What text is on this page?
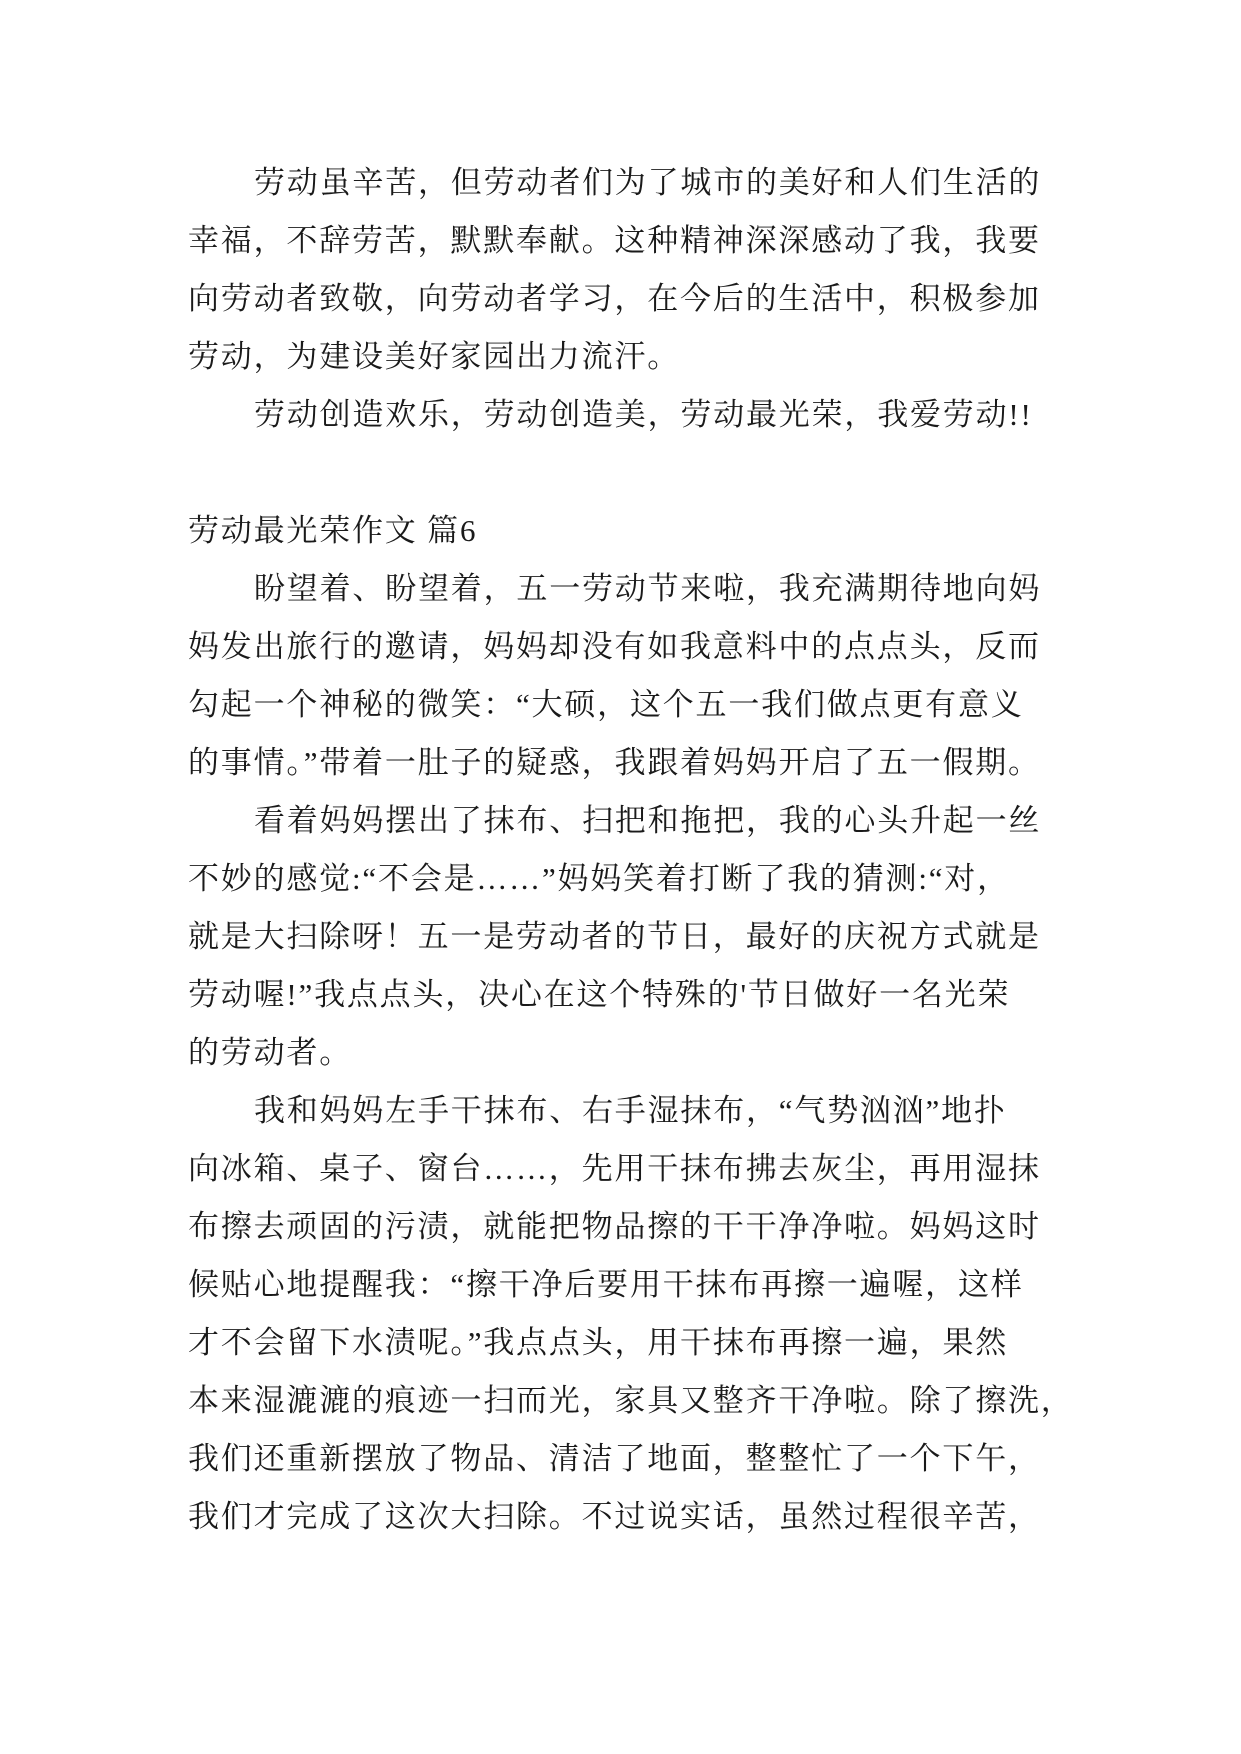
劳动虽辛苦，但劳动者们为了城市的美好和人们生活的
幸福，不辞劳苦，默默奉献。这种精神深深感动了我，我要
向劳动者致敬，向劳动者学习，在今后的生活中，积极参加
劳动，为建设美好家园出力流汗。

劳动创造欢乐，劳动创造美，劳动最光荣，我爱劳动!!

劳动最光荣作文 篇6

盼望着、盼望着，五一劳动节来啦，我充满期待地向妈
妈发出旅行的邀请，妈妈却没有如我意料中的点点头，反而
勾起一个神秘的微笑：“大硕，这个五一我们做点更有意义
的事情。”带着一肚子的疑惑，我跟着妈妈开启了五一假期。

看着妈妈摆出了抹布、扫把和拖把，我的心头升起一丝
不妙的感觉:“不会是……”妈妈笑着打断了我的猜测:“对，
就是大扫除呀！五一是劳动者的节日，最好的庆祝方式就是
劳动喔!”我点点头，决心在这个特殊的'节日做好一名光荣
的劳动者。

我和妈妈左手干抹布、右手湿抹布，“气势汹汹”地扑
向冰箱、桌子、窗台……，先用干抹布拂去灰尘，再用湿抹
布擦去顽固的污渍，就能把物品擦的干干净净啦。妈妈这时
候贴心地提醒我：“擦干净后要用干抹布再擦一遍喔，这样
才不会留下水渍呢。”我点点头，用干抹布再擦一遍，果然
本来湿漉漉的痕迹一扫而光，家具又整齐干净啦。除了擦洗，
我们还重新摆放了物品、清洁了地面，整整忙了一个下午，
我们才完成了这次大扫除。不过说实话，虽然过程很辛苦，
